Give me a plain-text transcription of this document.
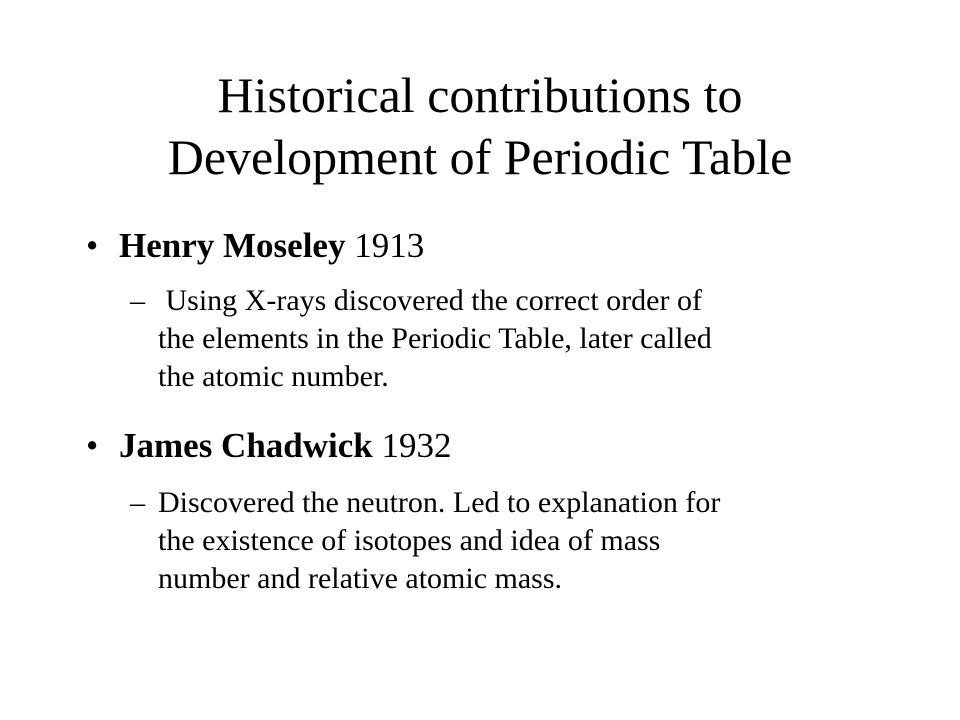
Historical contributions to
Development of Periodic Table
• Henry Moseley 1913
– Using X-rays discovered the correct order of
the elements in the Periodic Table, later called
the atomic number.
• James Chadwick 1932
– Discovered the neutron. Led to explanation for
the existence of isotopes and idea of mass
number and relative atomic mass.
